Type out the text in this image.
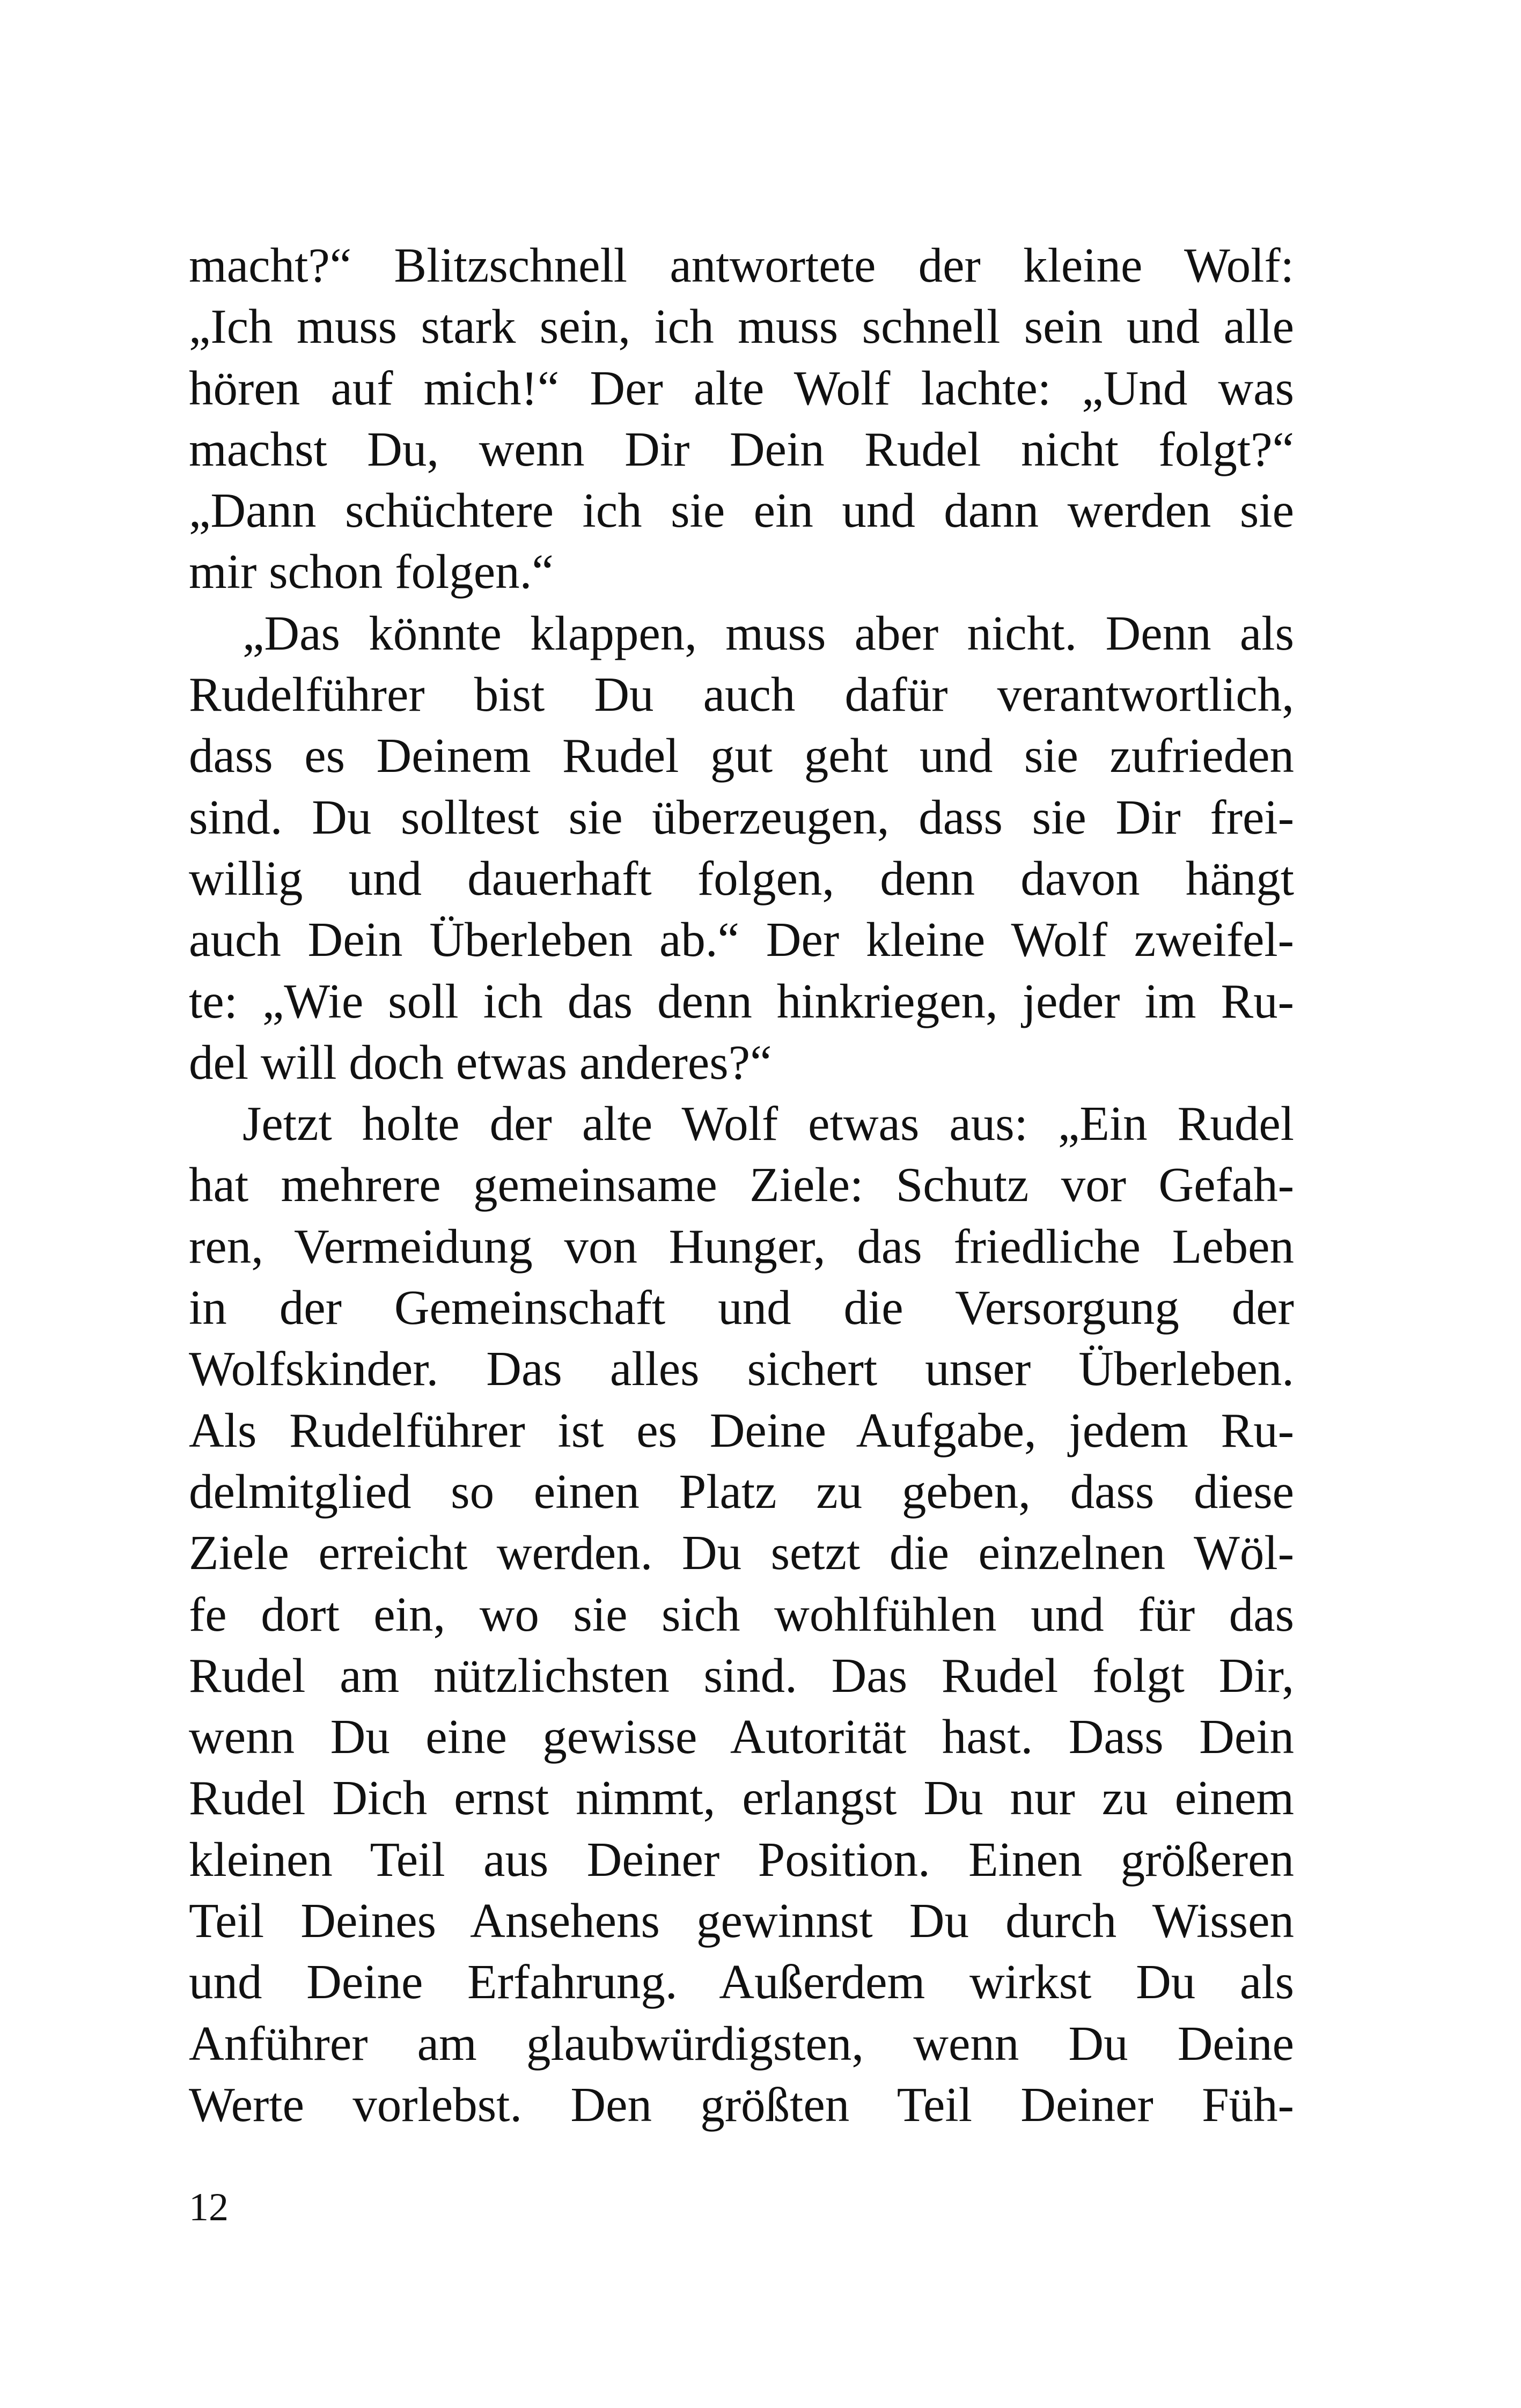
macht?“ Blitzschnell antwortete der kleine Wolf:
„Ich muss stark sein, ich muss schnell sein und alle
hören auf mich!“ Der alte Wolf lachte: „Und was
machst Du, wenn Dir Dein Rudel nicht folgt?“
„Dann schüchtere ich sie ein und dann werden sie
mir schon folgen.“
„Das könnte klappen, muss aber nicht. Denn als
Rudelführer bist Du auch dafür verantwortlich,
dass es Deinem Rudel gut geht und sie zufrieden
sind. Du solltest sie überzeugen, dass sie Dir frei-
willig und dauerhaft folgen, denn davon hängt
auch Dein Überleben ab.“ Der kleine Wolf zweifel-
te: „Wie soll ich das denn hinkriegen, jeder im Ru-
del will doch etwas anderes?“
Jetzt holte der alte Wolf etwas aus: „Ein Rudel
hat mehrere gemeinsame Ziele: Schutz vor Gefah-
ren, Vermeidung von Hunger, das friedliche Leben
in der Gemeinschaft und die Versorgung der
Wolfskinder. Das alles sichert unser Überleben.
Als Rudelführer ist es Deine Aufgabe, jedem Ru-
delmitglied so einen Platz zu geben, dass diese
Ziele erreicht werden. Du setzt die einzelnen Wöl-
fe dort ein, wo sie sich wohlfühlen und für das
Rudel am nützlichsten sind. Das Rudel folgt Dir,
wenn Du eine gewisse Autorität hast. Dass Dein
Rudel Dich ernst nimmt, erlangst Du nur zu einem
kleinen Teil aus Deiner Position. Einen größeren
Teil Deines Ansehens gewinnst Du durch Wissen
und Deine Erfahrung. Außerdem wirkst Du als
Anführer am glaubwürdigsten, wenn Du Deine
Werte vorlebst. Den größten Teil Deiner Füh-
12
